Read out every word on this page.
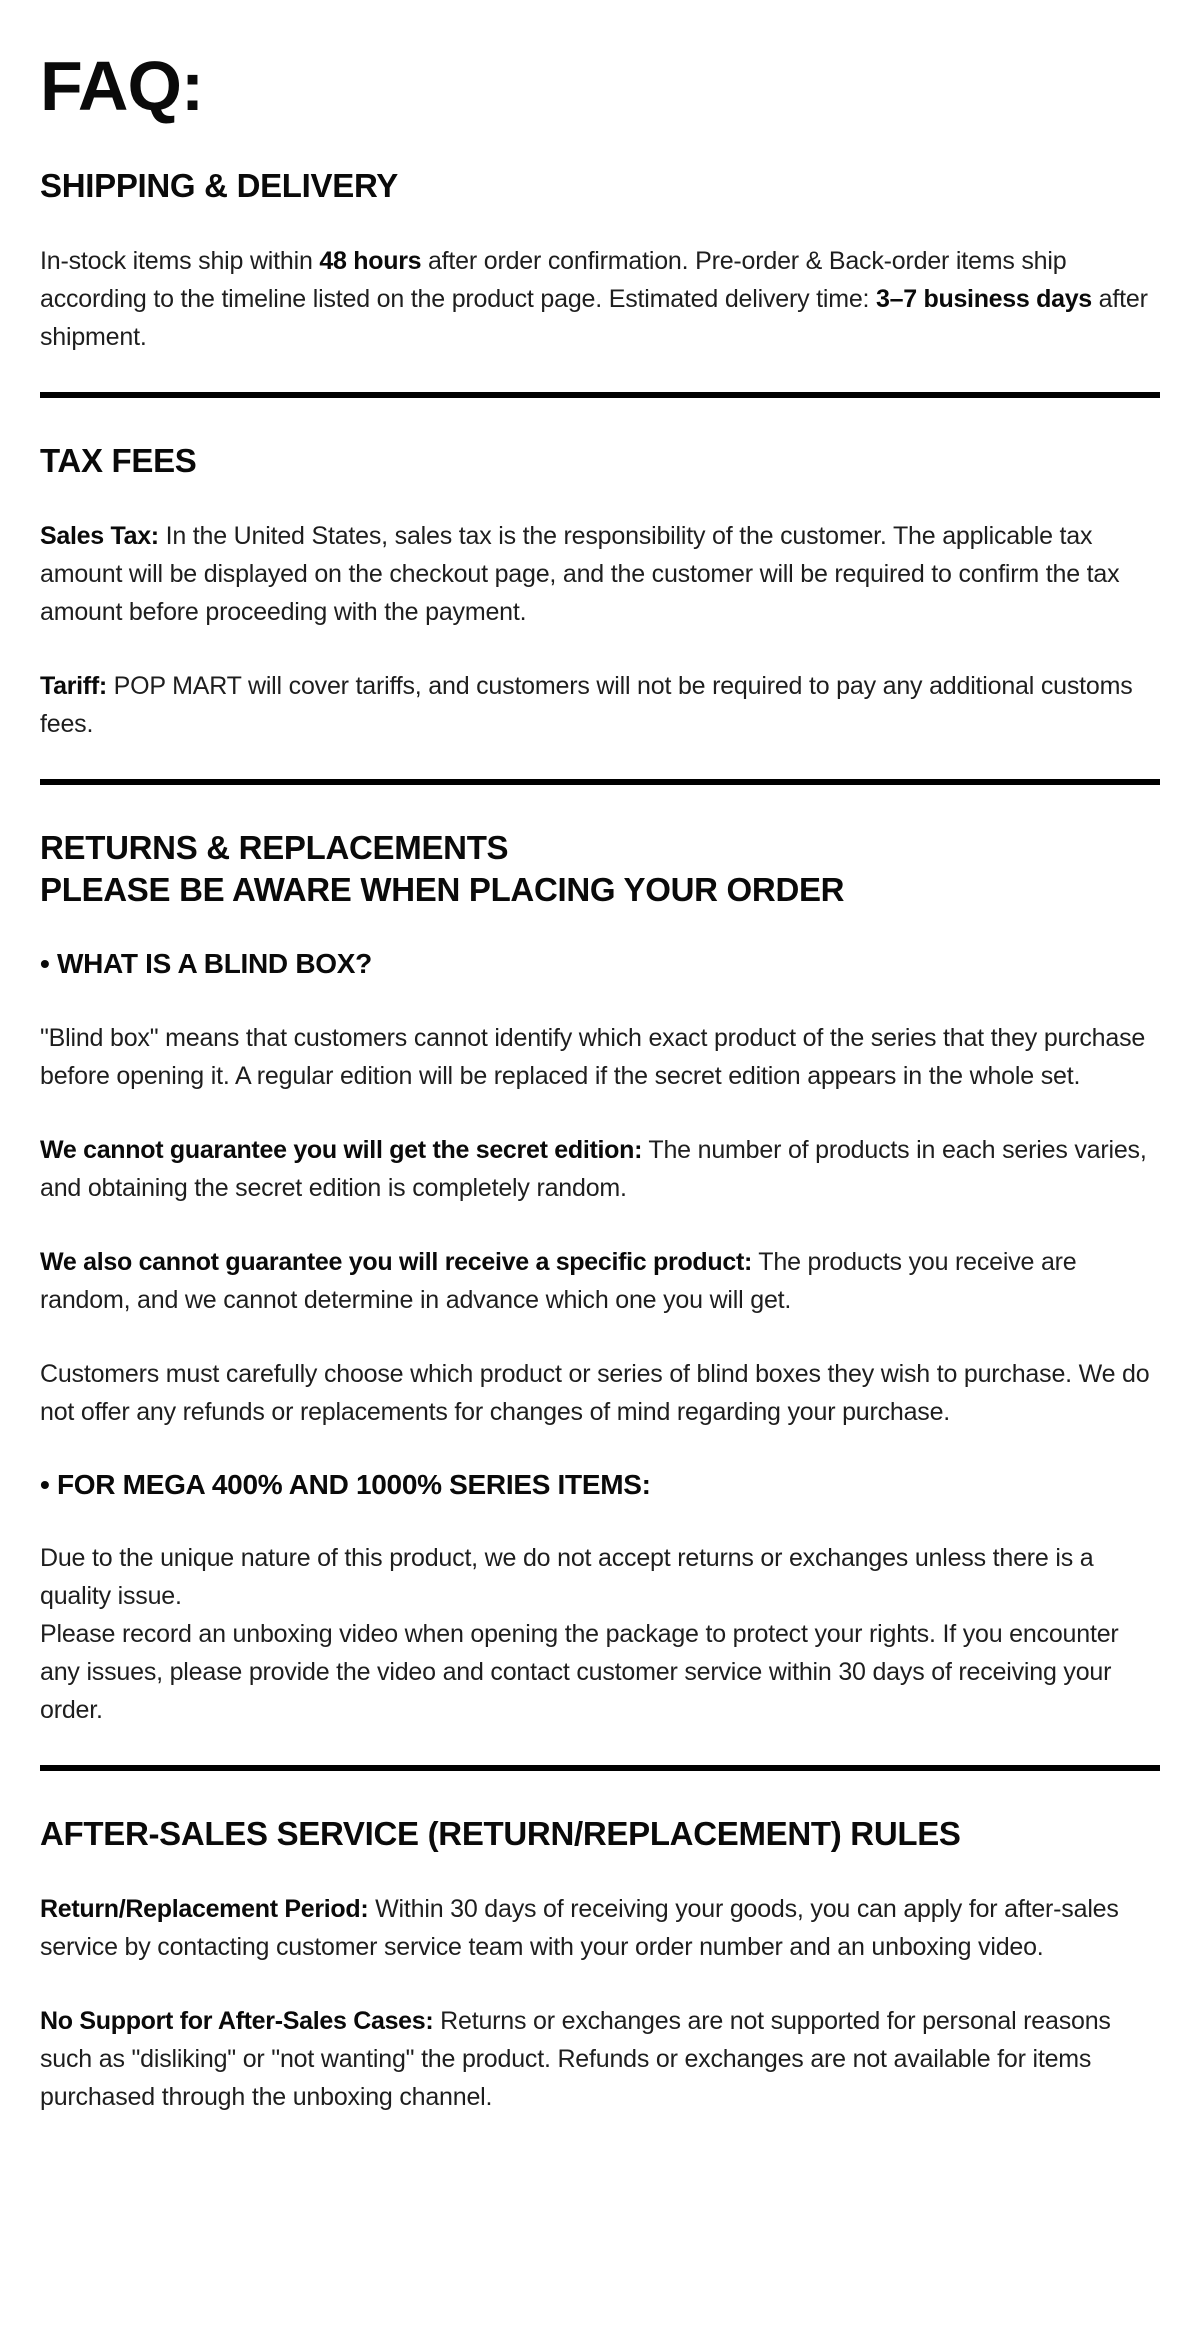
FAQ:
SHIPPING & DELIVERY

In-stock items ship within 48 hours after order confirmation. Pre-order & Back-order items ship according to the timeline listed on the product page. Estimated delivery time: 3–7 business days after shipment.

TAX FEES

Sales Tax: In the United States, sales tax is the responsibility of the customer. The applicable tax amount will be displayed on the checkout page, and the customer will be required to confirm the tax amount before proceeding with the payment.

Tariff: POP MART will cover tariffs, and customers will not be required to pay any additional customs fees.

RETURNS & REPLACEMENTS
PLEASE BE AWARE WHEN PLACING YOUR ORDER
• WHAT IS A BLIND BOX?

"Blind box" means that customers cannot identify which exact product of the series that they purchase before opening it. A regular edition will be replaced if the secret edition appears in the whole set.

We cannot guarantee you will get the secret edition: The number of products in each series varies, and obtaining the secret edition is completely random.

We also cannot guarantee you will receive a specific product: The products you receive are random, and we cannot determine in advance which one you will get.

Customers must carefully choose which product or series of blind boxes they wish to purchase. We do not offer any refunds or replacements for changes of mind regarding your purchase.

• FOR MEGA 400% AND 1000% SERIES ITEMS:

Due to the unique nature of this product, we do not accept returns or exchanges unless there is a quality issue.
Please record an unboxing video when opening the package to protect your rights. If you encounter any issues, please provide the video and contact customer service within 30 days of receiving your order.

AFTER-SALES SERVICE (RETURN/REPLACEMENT) RULES

Return/Replacement Period: Within 30 days of receiving your goods, you can apply for after-sales service by contacting customer service team with your order number and an unboxing video.

No Support for After-Sales Cases: Returns or exchanges are not supported for personal reasons such as "disliking" or "not wanting" the product. Refunds or exchanges are not available for items purchased through the unboxing channel.
